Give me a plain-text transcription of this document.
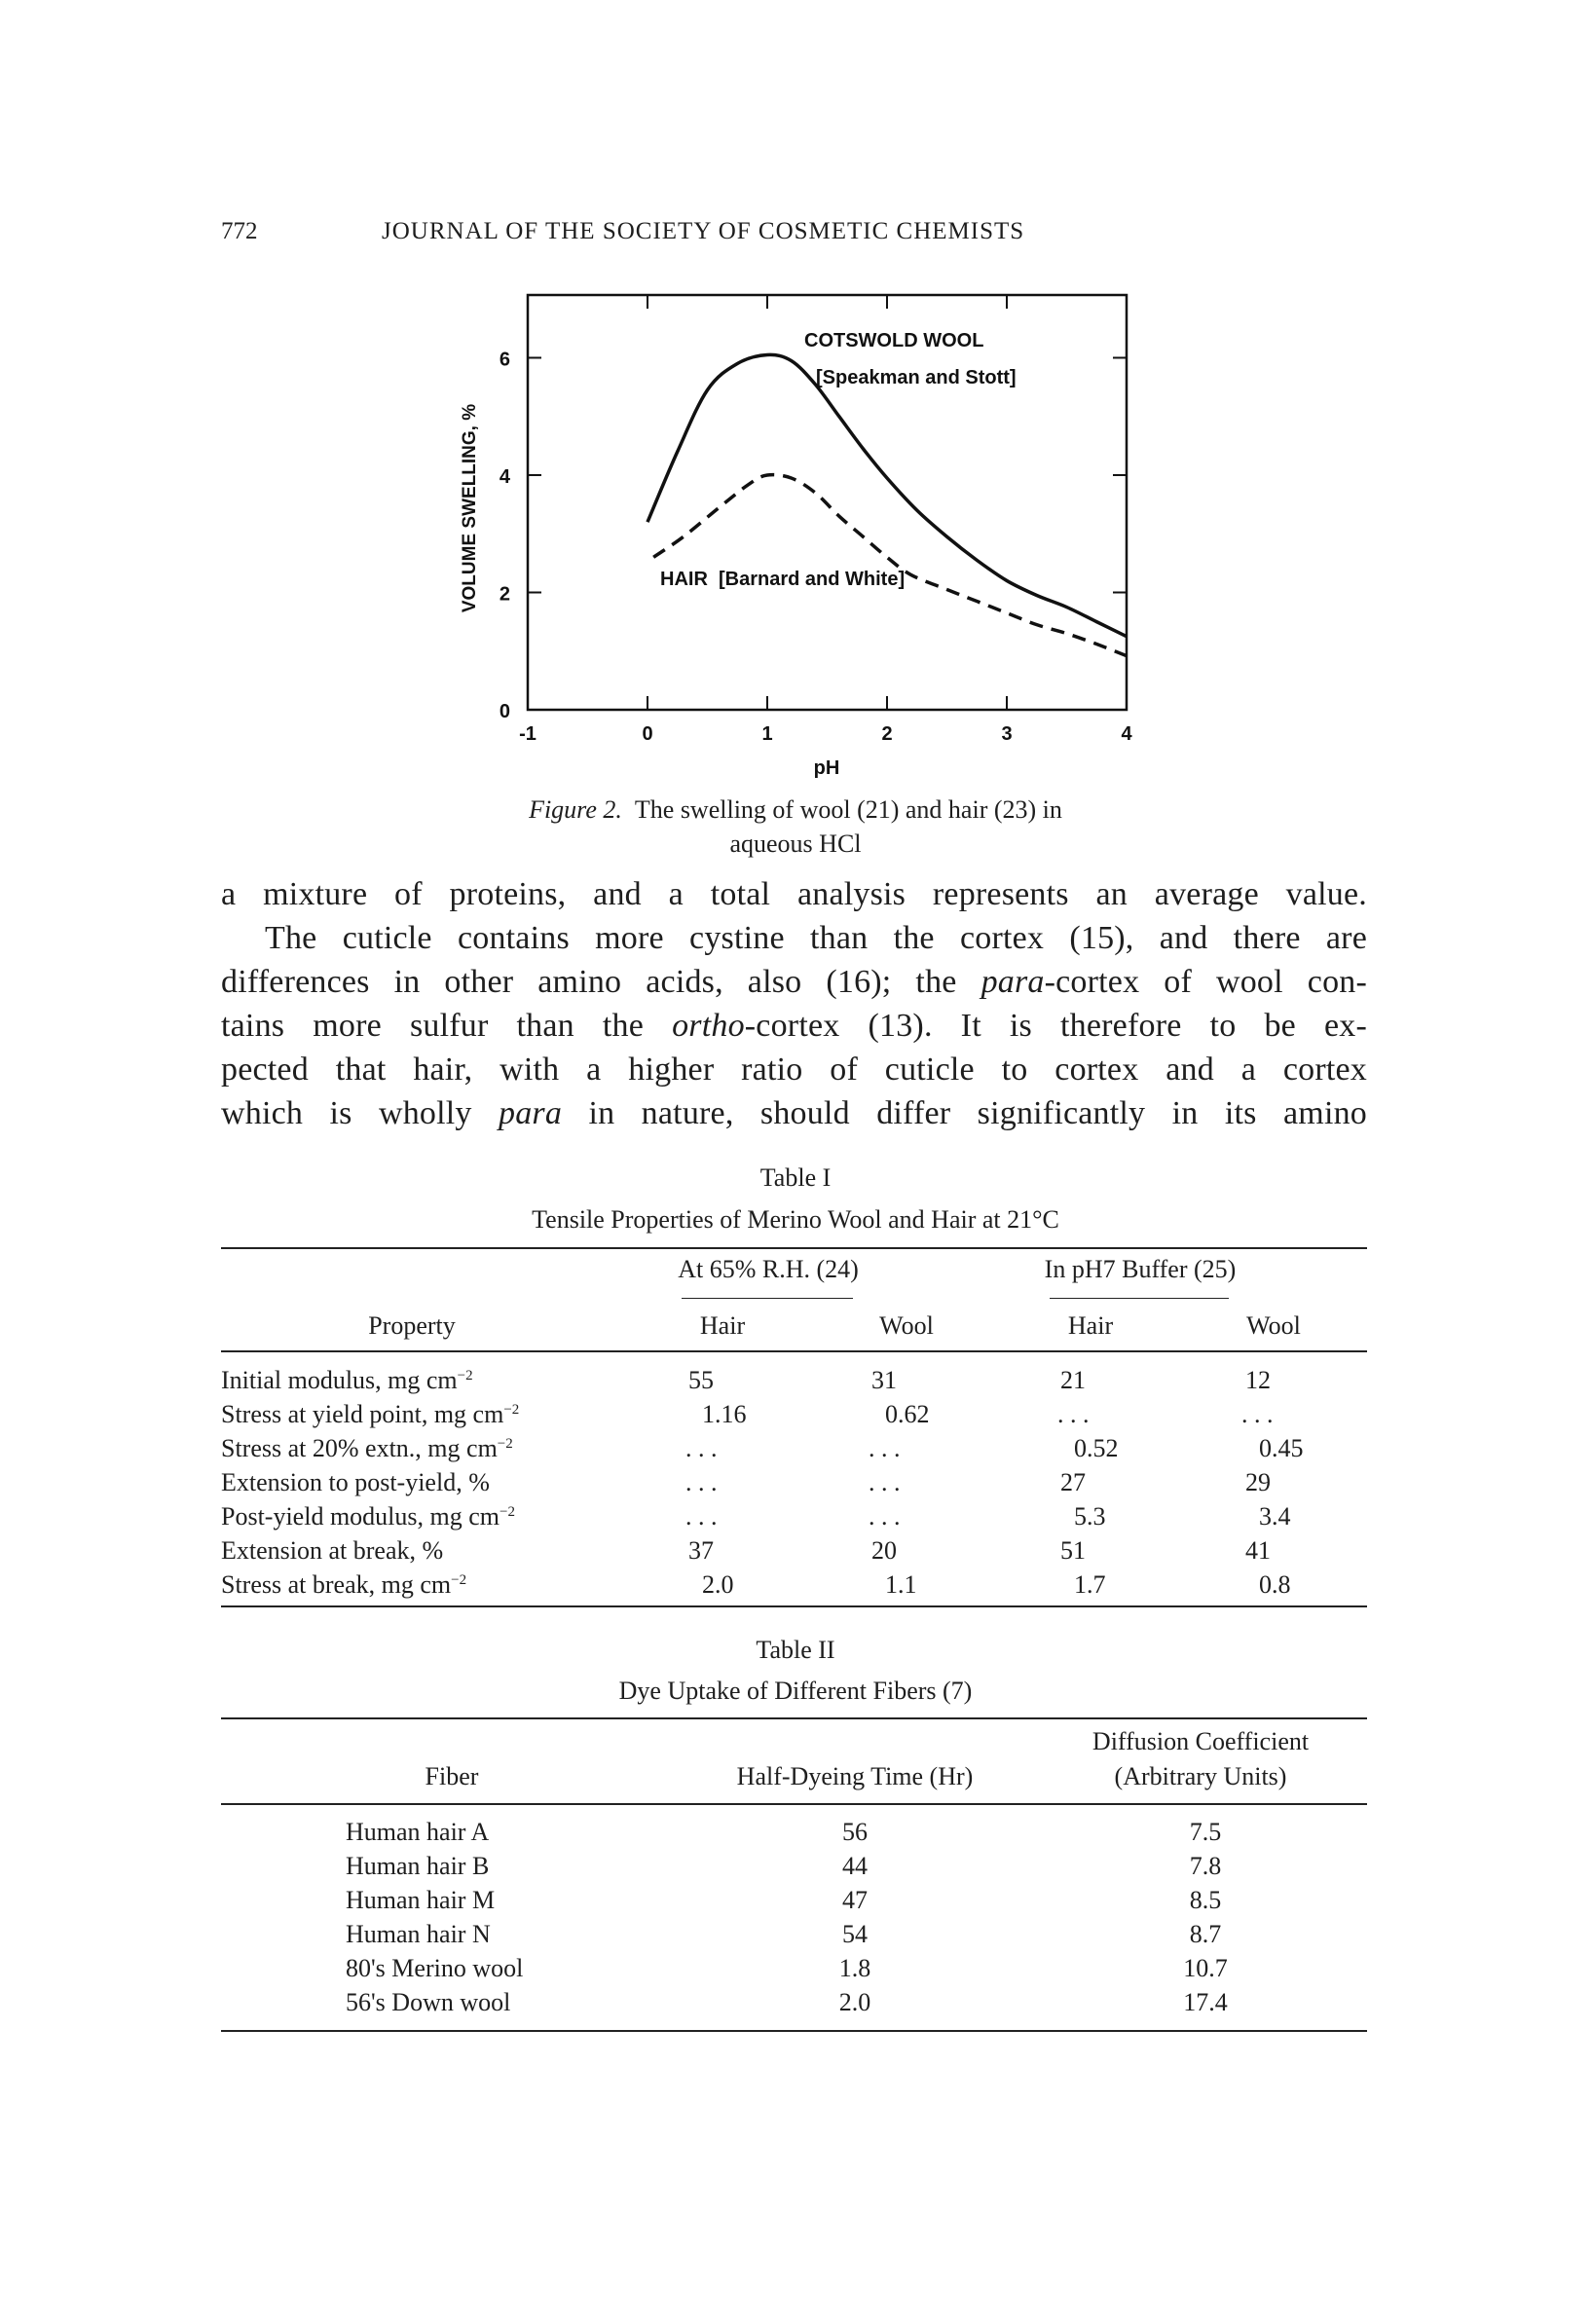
772	JOURNAL OF THE SOCIETY OF COSMETIC CHEMISTS
-1	0	1	2	3	4
0
2
4
6
VOLUME SWELLING, %
pH
COTSWOLD WOOL
[Speakman and Stott]
HAIR [Barnard and White]
Figure 2. The swelling of wool (21) and hair (23) in
aqueous HCl
a mixture of proteins, and a total analysis represents an average value.
The cuticle contains more cystine than the cortex (15), and there are
differences in other amino acids, also (16); the para-cortex of wool con-
tains more sulfur than the ortho-cortex (13). It is therefore to be ex-
pected that hair, with a higher ratio of cuticle to cortex and a cortex
which is wholly para in nature, should differ significantly in its amino
Table I
Tensile Properties of Merino Wool and Hair at 21°C
At 65% R.H. (24)	In pH7 Buffer (25)
Property	Hair	Wool	Hair	Wool
Initial modulus, mg $cm^{-2}$	55	31	21	12
Stress at yield point, mg $cm^{-2}$	1.16	0.62	. . .	. . .
Stress at 20% extn., mg $cm^{-2}$	. . .	. . .	0.52	0.45
Extension to post-yield, %	. . .	. . .	27	29
Post-yield modulus, mg $cm^{-2}$	. . .	. . .	5.3	3.4
Extension at break, %	37	20	51	41
Stress at break, mg $cm^{-2}$	2.0	1.1	1.7	0.8
Table II
Dye Uptake of Different Fibers (7)
Fiber	Half-Dyeing Time (Hr)
Diffusion Coefficient
(Arbitrary Units)
Human hair A	56	7.5
Human hair B	44	7.8
Human hair M	47	8.5
Human hair N	54	8.7
80's Merino wool	1.8	10.7
56's Down wool	2.0	17.4
